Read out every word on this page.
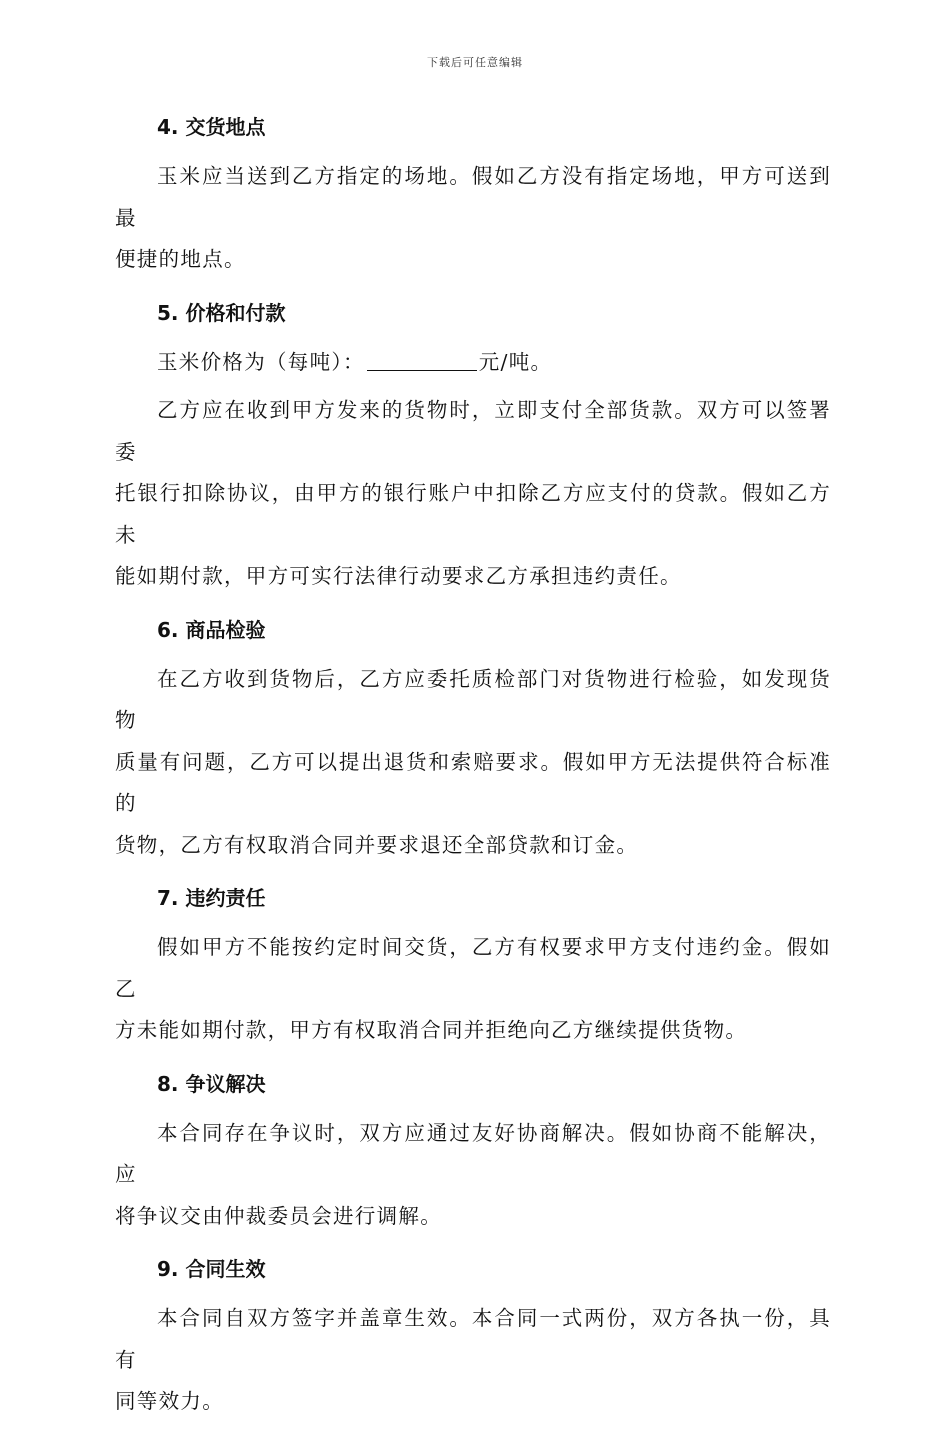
下载后可任意编辑
4. 交货地点

玉米应当送到乙方指定的场地。假如乙方没有指定场地，甲方可送到最
便捷的地点。

5. 价格和付款

玉米价格为（每吨）：	元/吨。

乙方应在收到甲方发来的货物时，立即支付全部货款。双方可以签署委
托银行扣除协议，由甲方的银行账户中扣除乙方应支付的贷款。假如乙方未
能如期付款，甲方可实行法律行动要求乙方承担违约责任。

6. 商品检验

在乙方收到货物后，乙方应委托质检部门对货物进行检验，如发现货物
质量有问题，乙方可以提出退货和索赔要求。假如甲方无法提供符合标准的
货物，乙方有权取消合同并要求退还全部贷款和订金。

7. 违约责任

假如甲方不能按约定时间交货，乙方有权要求甲方支付违约金。假如乙
方未能如期付款，甲方有权取消合同并拒绝向乙方继续提供货物。

8. 争议解决

本合同存在争议时，双方应通过友好协商解决。假如协商不能解决，应
将争议交由仲裁委员会进行调解。

9. 合同生效

本合同自双方签字并盖章生效。本合同一式两份，双方各执一份，具有
同等效力。
